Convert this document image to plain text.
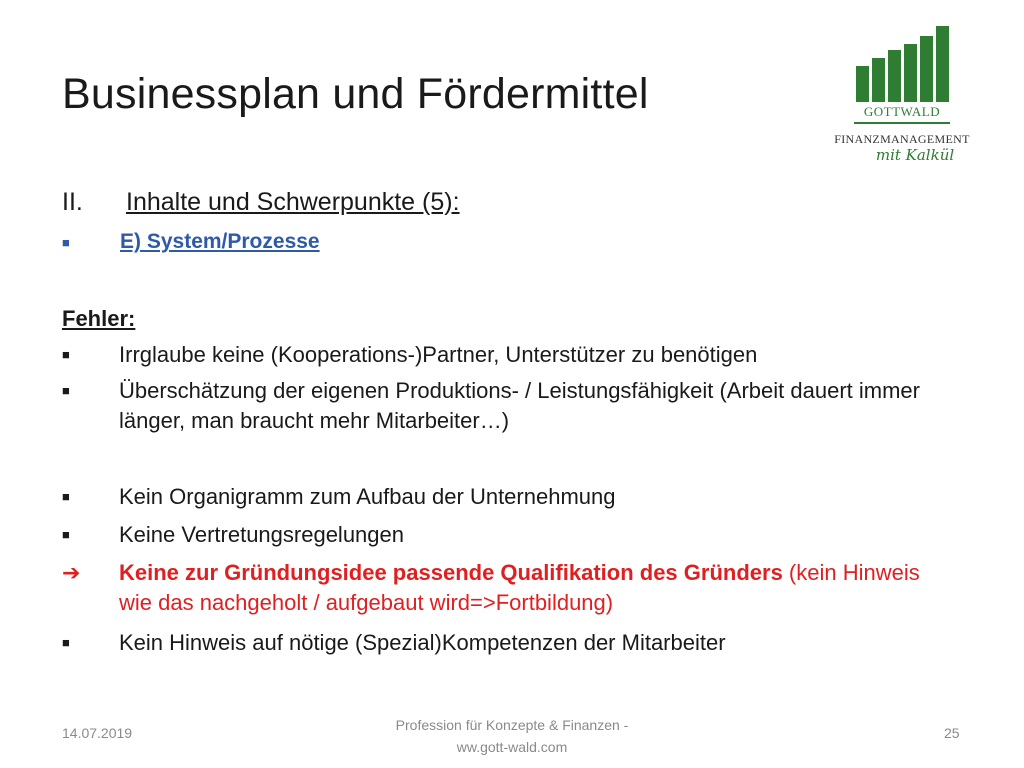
Businessplan und Fördermittel	GOTTWALD
FINANZMANAGEMENT
mit Kalkül
II. Inhalte und Schwerpunkte (5):
■ E) System/Prozesse
Fehler:
■	Irrglaube keine (Kooperations-)Partner, Unterstützer zu benötigen
■	Überschätzung der eigenen Produktions- / Leistungsfähigkeit (Arbeit dauert immer länger, man braucht mehr Mitarbeiter…)
■	Kein Organigramm zum Aufbau der Unternehmung
■	Keine Vertretungsregelungen
➔	Keine zur Gründungsidee passende Qualifikation des Gründers (kein Hinweis wie das nachgeholt / aufgebaut wird=>Fortbildung)
■	Kein Hinweis auf nötige (Spezial)Kompetenzen der Mitarbeiter
14.07.2019	Profession für Konzepte & Finanzen -
ww.gott-wald.com
25
